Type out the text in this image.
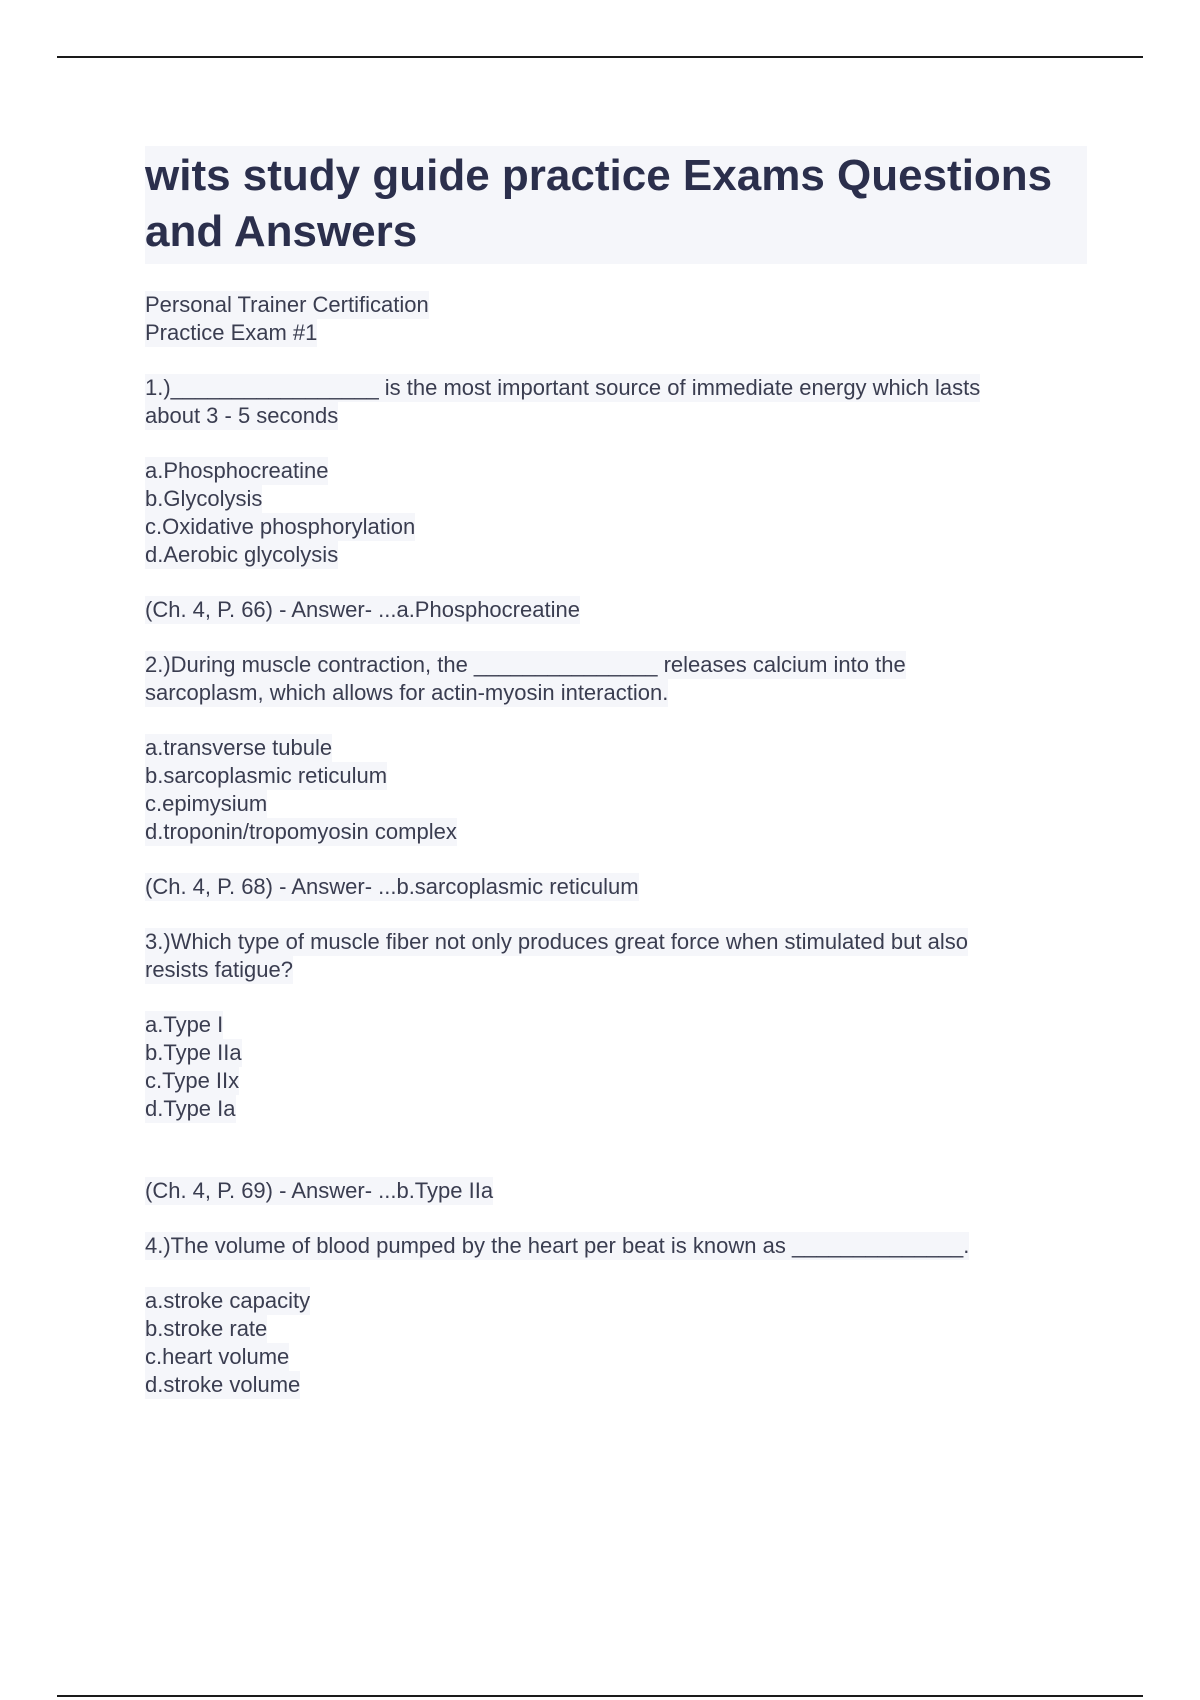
wits study guide practice Exams Questions and Answers
Personal Trainer Certification
Practice Exam #1
1.)_________________ is the most important source of immediate energy which lasts
about 3 - 5 seconds
a.Phosphocreatine
b.Glycolysis
c.Oxidative phosphorylation
d.Aerobic glycolysis
(Ch. 4, P. 66) - Answer- ...a.Phosphocreatine
2.)During muscle contraction, the _______________ releases calcium into the
sarcoplasm, which allows for actin-myosin interaction.
a.transverse tubule
b.sarcoplasmic reticulum
c.epimysium
d.troponin/tropomyosin complex
(Ch. 4, P. 68) - Answer- ...b.sarcoplasmic reticulum
3.)Which type of muscle fiber not only produces great force when stimulated but also
resists fatigue?
a.Type I
b.Type IIa
c.Type IIx
d.Type Ia
(Ch. 4, P. 69) - Answer- ...b.Type IIa
4.)The volume of blood pumped by the heart per beat is known as ______________.
a.stroke capacity
b.stroke rate
c.heart volume
d.stroke volume
